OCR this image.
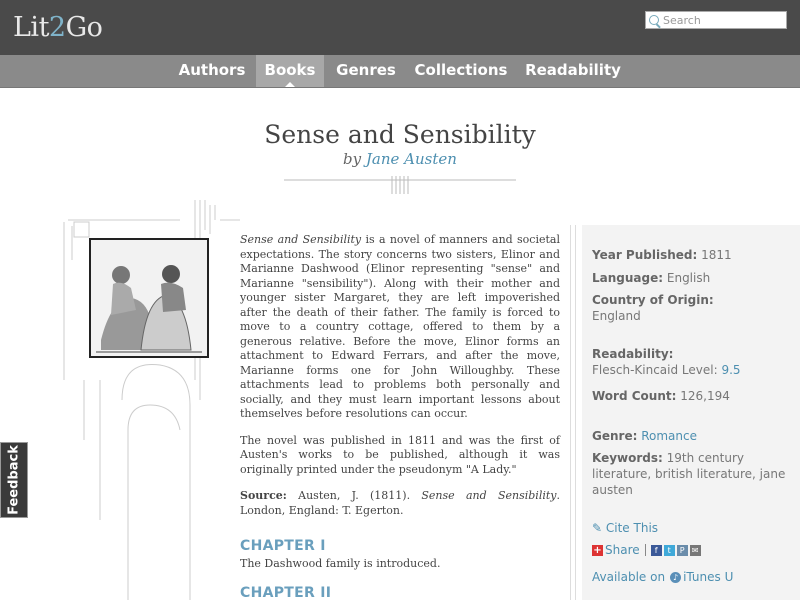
Lit2Go	Search
Authors	Books	Genres	Collections	Readability
Sense and Sensibility
by Jane Austen

Sense and Sensibility is a novel of manners and societal expectations. The story concerns two sisters, Elinor and Marianne Dashwood (Elinor representing "sense" and Marianne "sensibility"). Along with their mother and younger sister Margaret, they are left impoverished after the death of their father. The family is forced to move to a country cottage, offered to them by a generous relative. Before the move, Elinor forms an attachment to Edward Ferrars, and after the move, Marianne forms one for John Willoughby. These attachments lead to problems both personally and socially, and they must learn important lessons about themselves before resolutions can occur.

The novel was published in 1811 and was the first of Austen's works to be published, although it was originally printed under the pseudonym "A Lady."

Source: Austen, J. (1811). Sense and Sensibility. London, England: T. Egerton.

CHAPTER I
The Dashwood family is introduced.
CHAPTER II
Year Published: 1811
Language: English
Country of Origin:
England
Readability:
Flesch-Kincaid Level: 9.5
Word Count: 126,194
Genre: Romance
Keywords: 19th century literature, british literature, jane austen
✎ Cite This
+ Share	f	t	P ✉
Available on ♪ iTunes U
Feedback
